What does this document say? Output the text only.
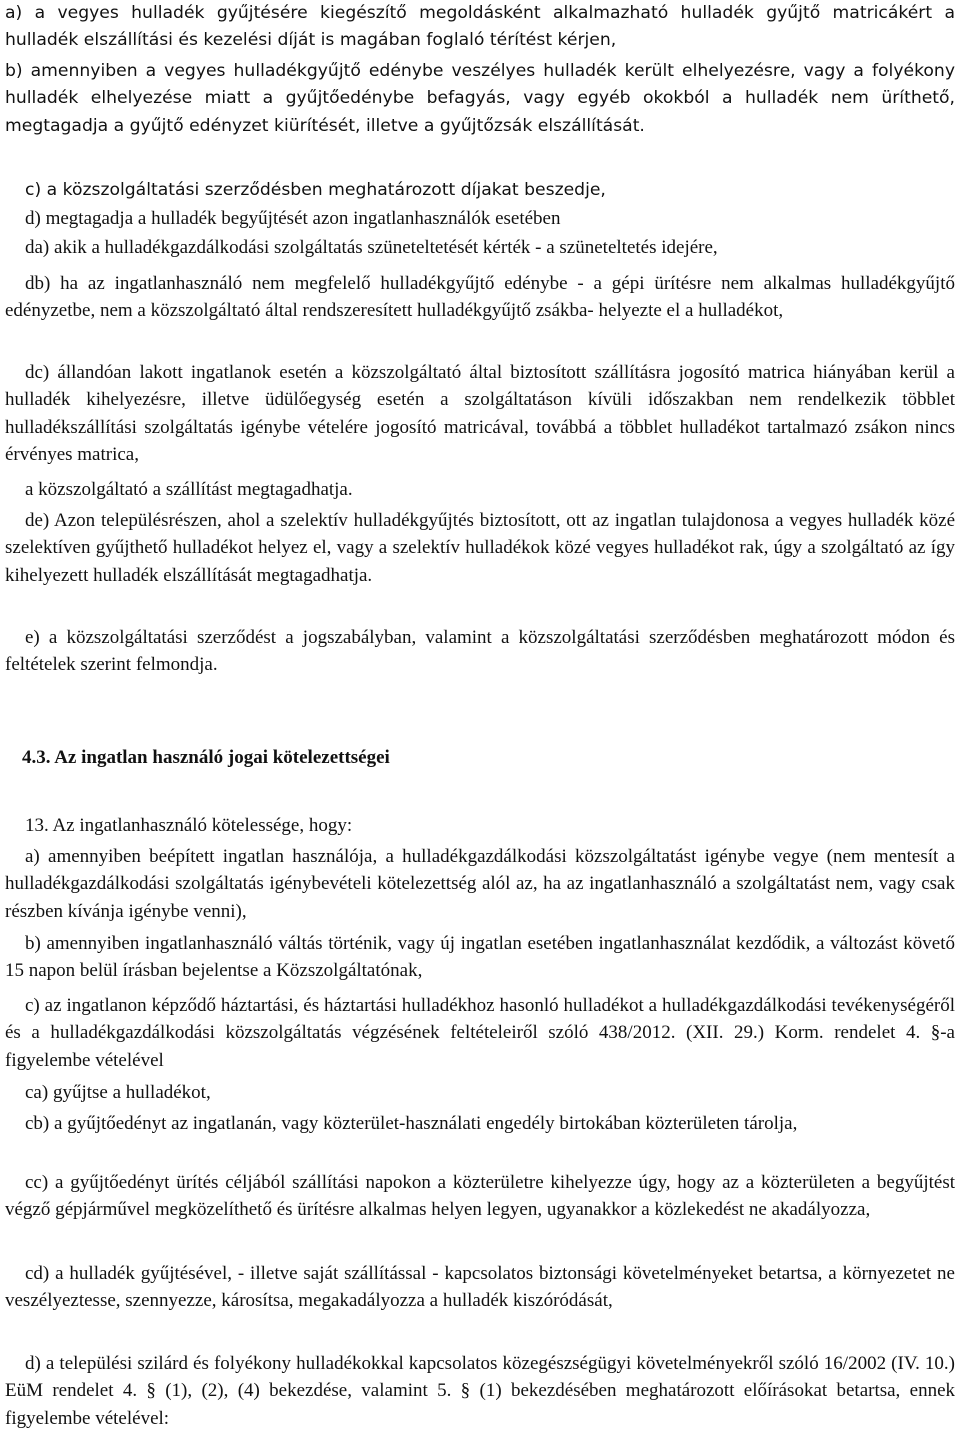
a) a vegyes hulladék gyűjtésére kiegészítő megoldásként alkalmazható hulladék gyűjtő matricákért a hulladék elszállítási és kezelési díját is magában foglaló térítést kérjen,

b) amennyiben a vegyes hulladékgyűjtő edénybe veszélyes hulladék került elhelyezésre, vagy a folyékony hulladék elhelyezése miatt a gyűjtőedénybe befagyás, vagy egyéb okokból a hulladék nem üríthető, megtagadja a gyűjtő edényzet kiürítését, illetve a gyűjtőzsák elszállítását.

c) a közszolgáltatási szerződésben meghatározott díjakat beszedje,

d) megtagadja a hulladék begyűjtését azon ingatlanhasználók esetében

da) akik a hulladékgazdálkodási szolgáltatás szüneteltetését kérték - a szüneteltetés idejére,

db) ha az ingatlanhasználó nem megfelelő hulladékgyűjtő edénybe - a gépi ürítésre nem alkalmas hulladékgyűjtő edényzetbe, nem a közszolgáltató által rendszeresített hulladékgyűjtő zsákba- helyezte el a hulladékot,

dc) állandóan lakott ingatlanok esetén a közszolgáltató által biztosított szállításra jogosító matrica hiányában kerül a hulladék kihelyezésre, illetve üdülőegység esetén a szolgáltatáson kívüli időszakban nem rendelkezik többlet hulladékszállítási szolgáltatás igénybe vételére jogosító matricával, továbbá a többlet hulladékot tartalmazó zsákon nincs érvényes matrica,

a közszolgáltató a szállítást megtagadhatja.

de) Azon településrészen, ahol a szelektív hulladékgyűjtés biztosított, ott az ingatlan tulajdonosa a vegyes hulladék közé szelektíven gyűjthető hulladékot helyez el, vagy a szelektív hulladékok közé vegyes hulladékot rak, úgy a szolgáltató az így kihelyezett hulladék elszállítását megtagadhatja.

e) a közszolgáltatási szerződést a jogszabályban, valamint a közszolgáltatási szerződésben meghatározott módon és feltételek szerint felmondja.

4.3. Az ingatlan használó jogai kötelezettségei

13. Az ingatlanhasználó kötelessége, hogy:

a) amennyiben beépített ingatlan használója, a hulladékgazdálkodási közszolgáltatást igénybe vegye (nem mentesít a hulladékgazdálkodási szolgáltatás igénybevételi kötelezettség alól az, ha az ingatlanhasználó a szolgáltatást nem, vagy csak részben kívánja igénybe venni),

b) amennyiben ingatlanhasználó váltás történik, vagy új ingatlan esetében ingatlanhasználat kezdődik, a változást követő 15 napon belül írásban bejelentse a Közszolgáltatónak,

c) az ingatlanon képződő háztartási, és háztartási hulladékhoz hasonló hulladékot a hulladékgazdálkodási tevékenységéről és a hulladékgazdálkodási közszolgáltatás végzésének feltételeiről szóló 438/2012. (XII. 29.) Korm. rendelet 4. §-a figyelembe vételével

ca) gyűjtse a hulladékot,

cb) a gyűjtőedényt az ingatlanán, vagy közterület-használati engedély birtokában közterületen tárolja,

cc) a gyűjtőedényt ürítés céljából szállítási napokon a közterületre kihelyezze úgy, hogy az a közterületen a begyűjtést végző gépjárművel megközelíthető és ürítésre alkalmas helyen legyen, ugyanakkor a közlekedést ne akadályozza,

cd) a hulladék gyűjtésével, - illetve saját szállítással - kapcsolatos biztonsági követelményeket betartsa, a környezetet ne veszélyeztesse, szennyezze, károsítsa, megakadályozza a hulladék kiszóródását,

d) a települési szilárd és folyékony hulladékokkal kapcsolatos közegészségügyi követelményekről szóló 16/2002 (IV. 10.) EüM rendelet 4. § (1), (2), (4) bekezdése, valamint 5. § (1) bekezdésében meghatározott előírásokat betartsa, ennek figyelembe vételével:
